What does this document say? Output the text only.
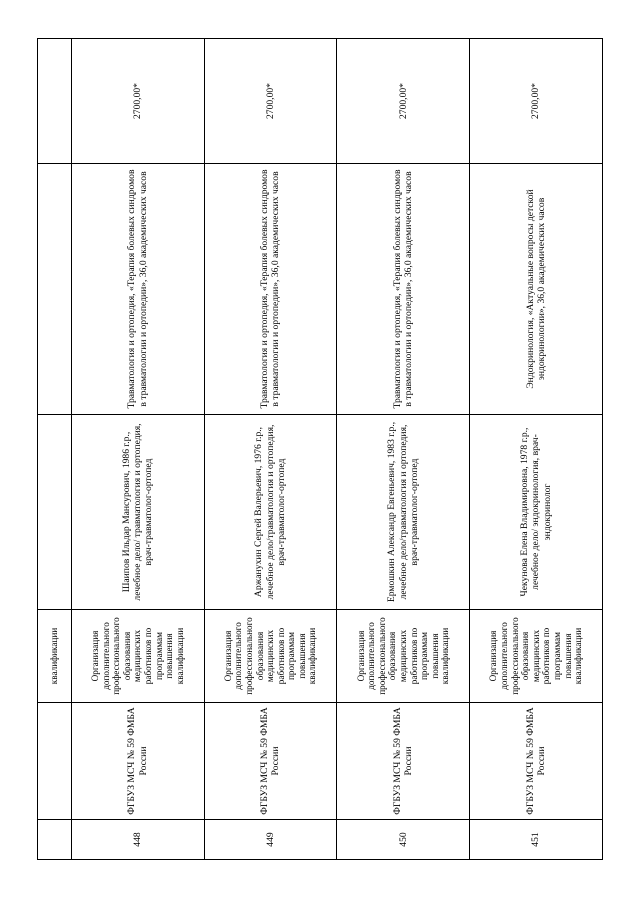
		квалификации			
448	ФГБУЗ МСЧ № 59 ФМБА России	Организация дополнительного профессионального образования медицинских работников по программам повышения квалификации	Шаипов Ильдар Мансурович, 1986 г.р., лечебное дело/ травматология и ортопедия, врач-травматолог-ортопед	Травматология и ортопедия, «Терапия болевых синдромов в травматологии и ортопедии», 36,0 академических часов	2700,00*
449	ФГБУЗ МСЧ № 59 ФМБА России	Организация дополнительного профессионального образования медицинских работников по программам повышения квалификации	Аржанухин Сергей Валерьевич, 1976 г.р., лечебное дело/травматология и ортопедия, врач-травматолог-ортопед	Травматология и ортопедия, «Терапия болевых синдромов в травматологии и ортопедии», 36,0 академических часов	2700,00*
450	ФГБУЗ МСЧ № 59 ФМБА России	Организация дополнительного профессионального образования медицинских работников по программам повышения квалификации	Ермошкин Александр Евгеньевич, 1983 г.р., лечебное дело/травматология и ортопедия, врач-травматолог-ортопед	Травматология и ортопедия, «Терапия болевых синдромов в травматологии и ортопедии», 36,0 академических часов	2700,00*
451	ФГБУЗ МСЧ № 59 ФМБА России	Организация дополнительного профессионального образования медицинских работников по программам повышения квалификации	Чекунова Елена Владимировна, 1978 г.р., лечебное дело/ эндокринология, врач-эндокринолог	Эндокринология, «Актуальные вопросы детской эндокринологии», 36,0 академических часов	2700,00*
